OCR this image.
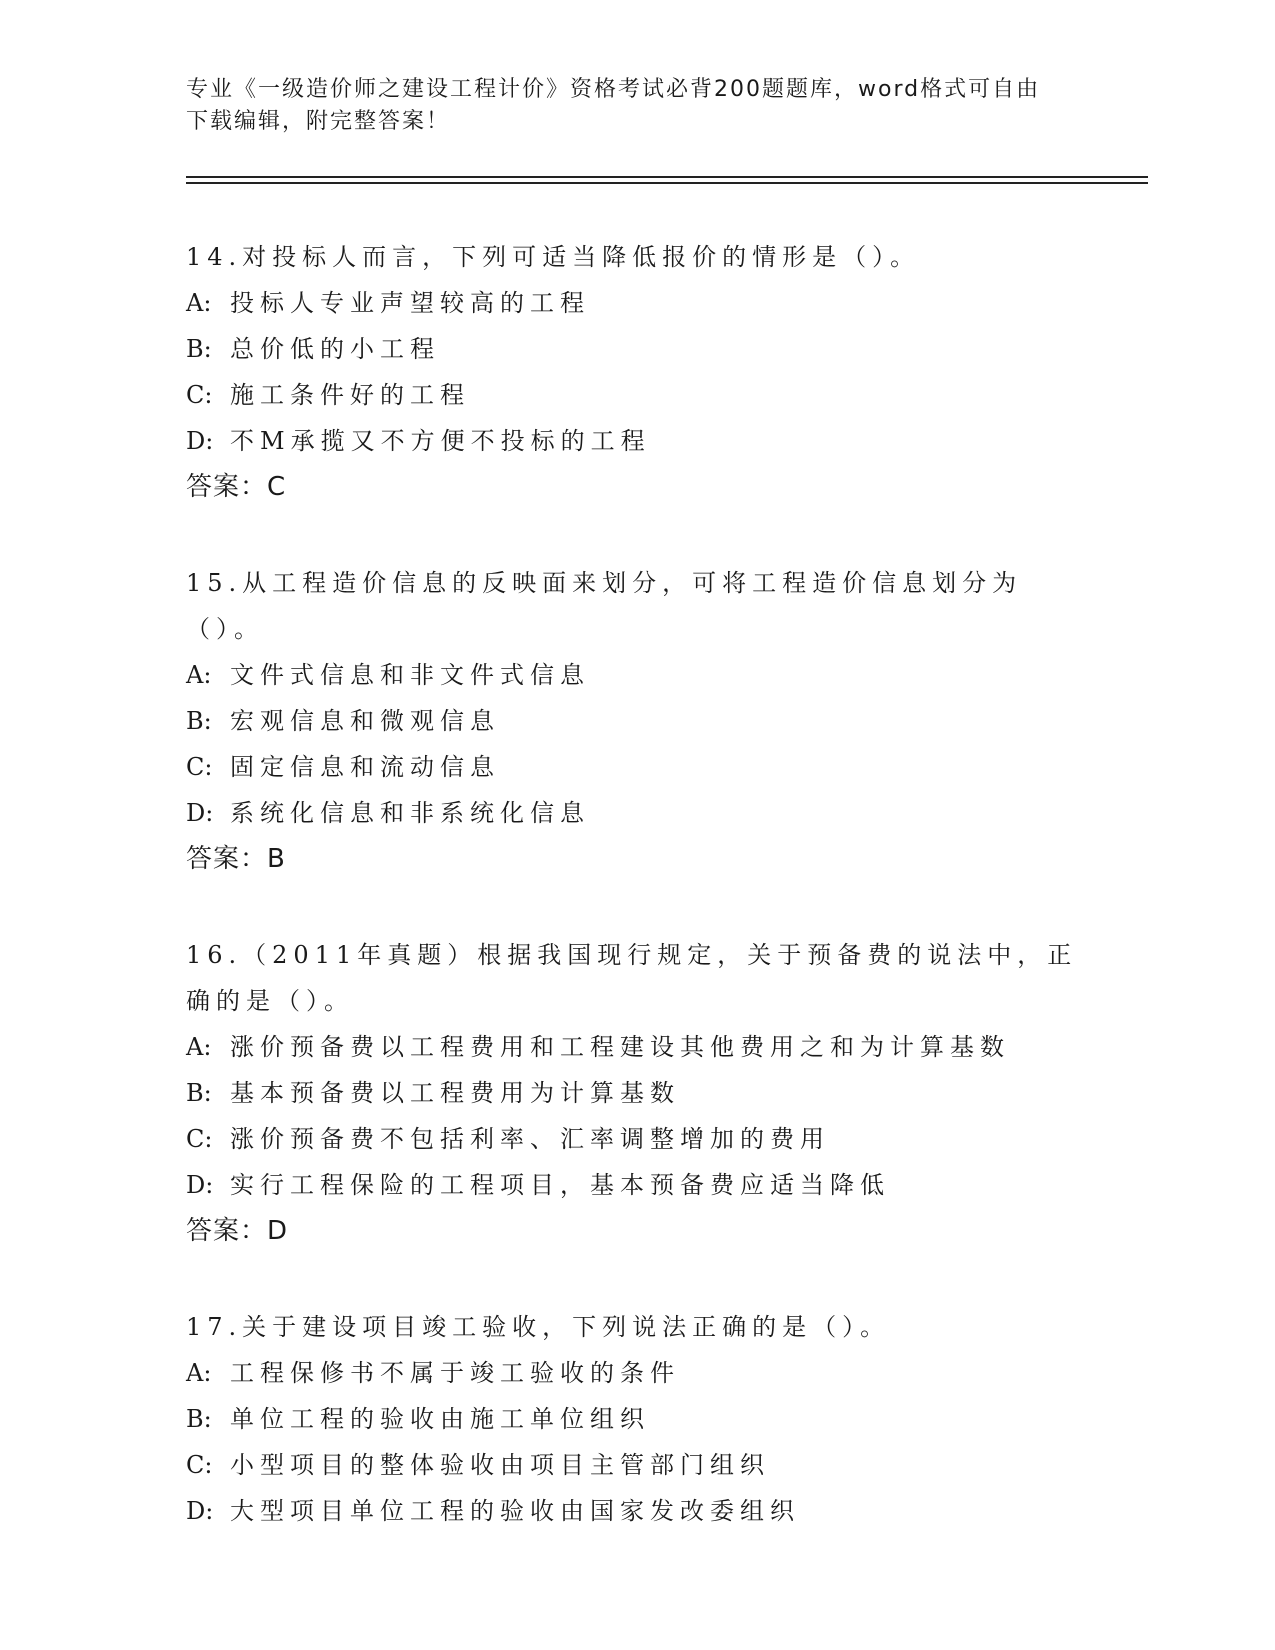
专业《一级造价师之建设工程计价》资格考试必背200题题库，word格式可自由
下载编辑，附完整答案！
14.对投标人而言，下列可适当降低报价的情形是（）。
A: 投标人专业声望较高的工程
B: 总价低的小工程
C: 施工条件好的工程
D: 不M承揽又不方便不投标的工程
答案：C
15.从工程造价信息的反映面来划分，可将工程造价信息划分为（）。
A: 文件式信息和非文件式信息
B: 宏观信息和微观信息
C: 固定信息和流动信息
D: 系统化信息和非系统化信息
答案：B
16.（2011年真题）根据我国现行规定，关于预备费的说法中，正确的是（）。
A: 涨价预备费以工程费用和工程建设其他费用之和为计算基数
B: 基本预备费以工程费用为计算基数
C: 涨价预备费不包括利率、汇率调整增加的费用
D: 实行工程保险的工程项目，基本预备费应适当降低
答案：D
17.关于建设项目竣工验收，下列说法正确的是（）。
A: 工程保修书不属于竣工验收的条件
B: 单位工程的验收由施工单位组织
C: 小型项目的整体验收由项目主管部门组织
D: 大型项目单位工程的验收由国家发改委组织
